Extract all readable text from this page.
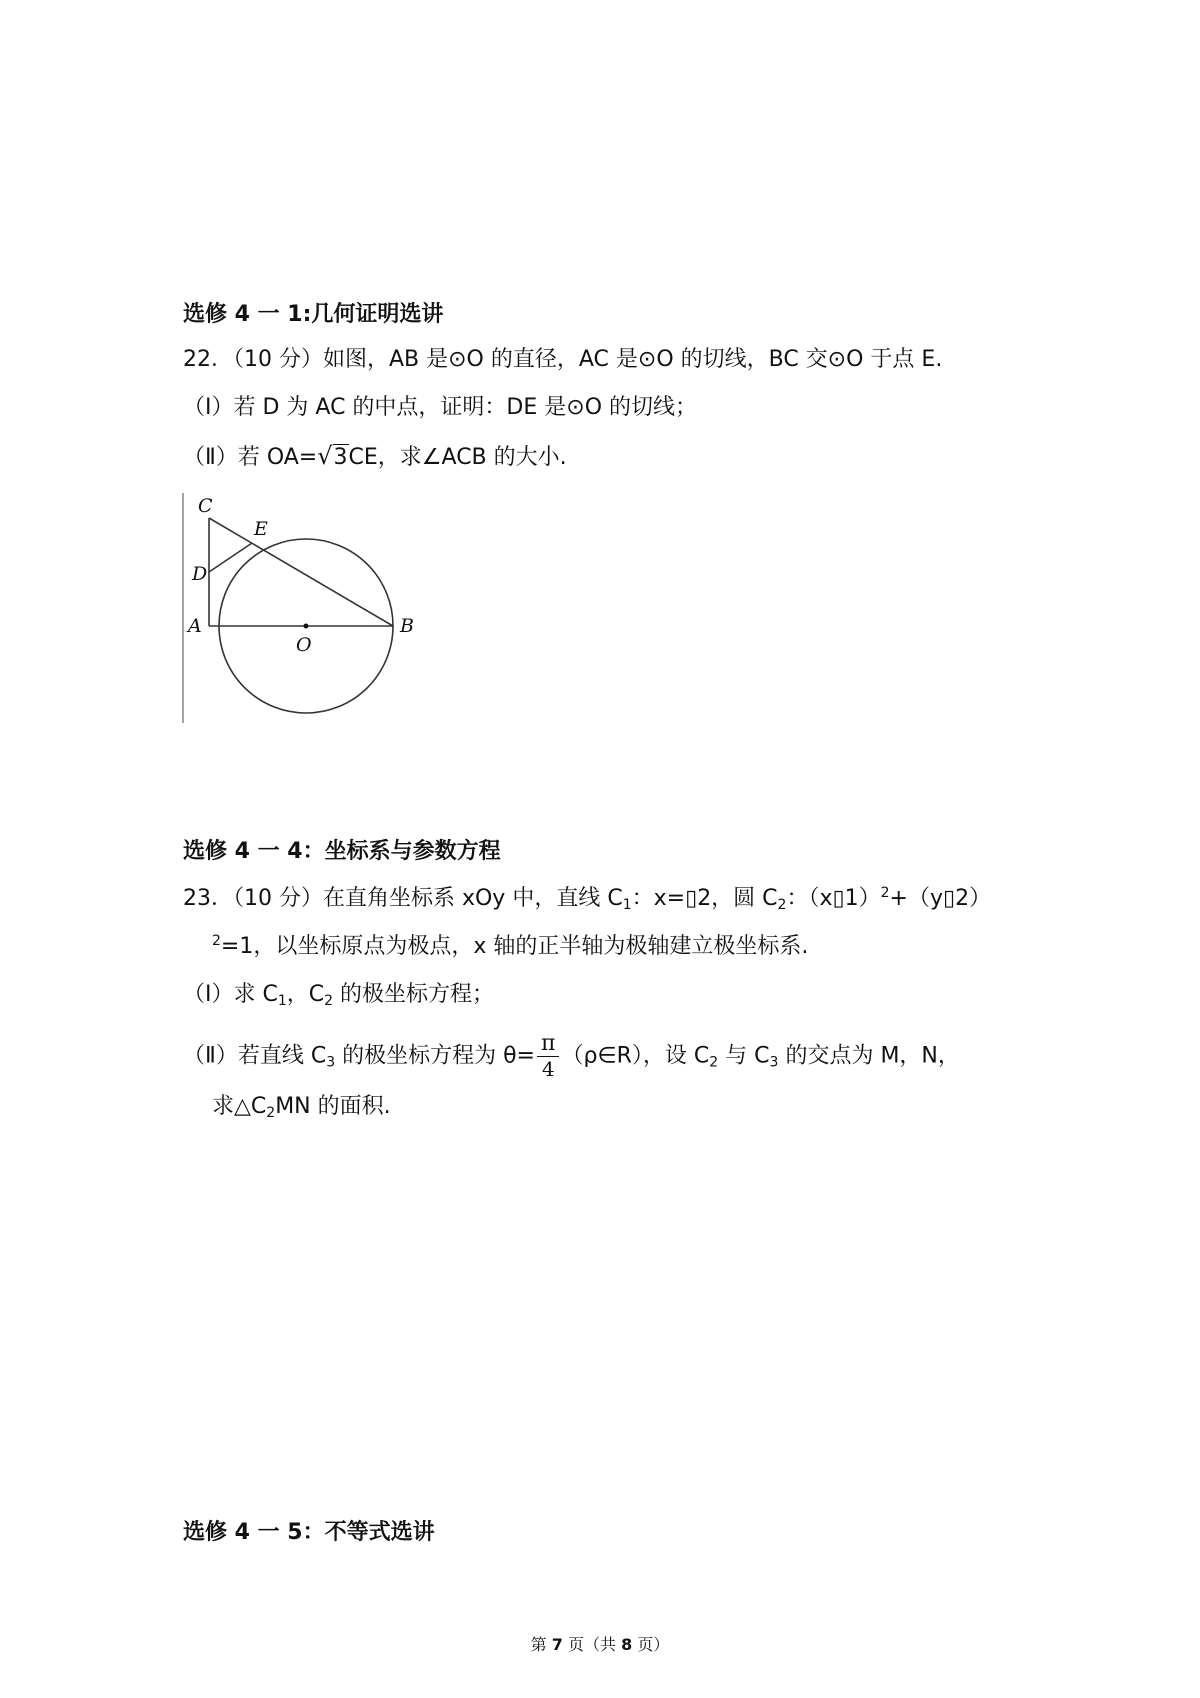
选修 4 一 1:几何证明选讲
22．（10 分）如图，AB 是⊙O 的直径，AC 是⊙O 的切线，BC 交⊙O 于点 E.
（Ⅰ）若 D 为 AC 的中点，证明：DE 是⊙O 的切线；
（Ⅱ）若 OA=√3CE，求∠ACB 的大小.
C
E
D
A
O
B
选修 4 一 4：坐标系与参数方程
23．（10 分）在直角坐标系 xOy 中，直线 $C_1$：x=▯2，圆 $C_2$：（x▯1）$^2$+（y▯2）
$^2$=1，以坐标原点为极点，x 轴的正半轴为极轴建立极坐标系.
（Ⅰ）求 $C_1$，$C_2$ 的极坐标方程；
（Ⅱ）若直线 $C_3$ 的极坐标方程为 $\theta= \frac{\pi}{4}$ （ρ∈R），设 $C_2$ 与 $C_3$ 的交点为 M，N，
求$\triangle C_2MN$ 的面积.
选修 4 一 5：不等式选讲
第 7 页（共 8 页）
